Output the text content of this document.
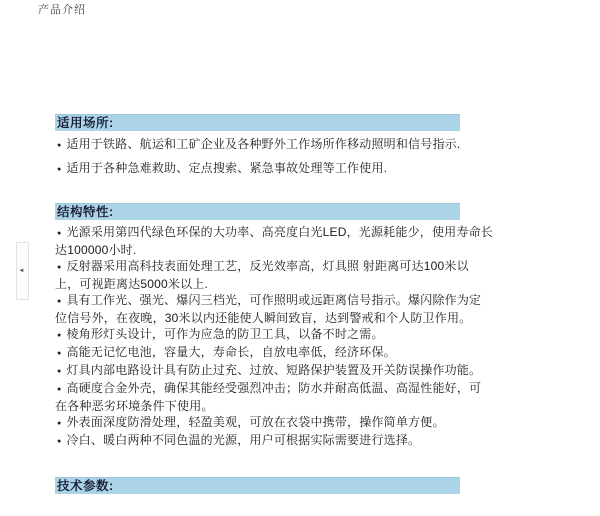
产品介绍
◄
适用场所:
● 适用于铁路、航运和工矿企业及各种野外工作场所作移动照明和信号指示.
● 适用于各种急难救助、定点搜索、紧急事故处理等工作使用.
结构特性:
● 光源采用第四代绿色环保的大功率、高亮度白光LED，光源耗能少，使用寿命长
达100000小时.
● 反射器采用高科技表面处理工艺，反光效率高，灯具照 射距离可达100米以
上，可视距离达5000米以上.
● 具有工作光、强光、爆闪三档光，可作照明或远距离信号指示。爆闪除作为定
位信号外，在夜晚，30米以内还能使人瞬间致盲，达到警戒和个人防卫作用。
● 棱角形灯头设计，可作为应急的防卫工具，以备不时之需。
● 高能无记忆电池，容量大，寿命长，自放电率低，经济环保。
● 灯具内部电路设计具有防止过充、过放、短路保护装置及开关防误操作功能。
● 高硬度合金外壳，确保其能经受强烈冲击；防水并耐高低温、高湿性能好，可
在各种恶劣环境条件下使用。
● 外表面深度防滑处理，轻盈美观，可放在衣袋中携带，操作简单方便。
● 冷白、暖白两种不同色温的光源，用户可根据实际需要进行选择。
技术参数:
